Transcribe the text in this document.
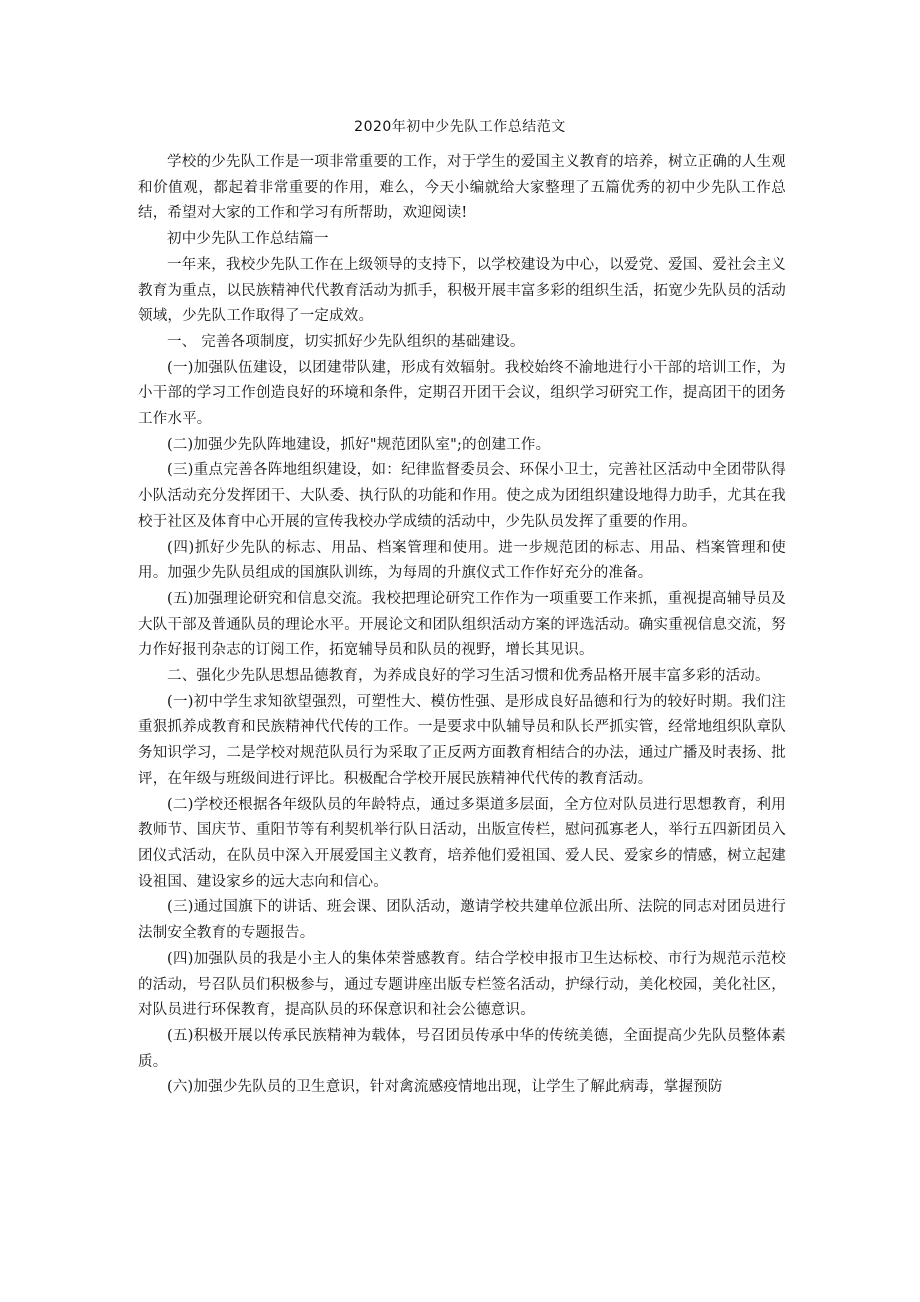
2020年初中少先队工作总结范文

学校的少先队工作是一项非常重要的工作，对于学生的爱国主义教育的培养，树立正确的人生观和价值观，都起着非常重要的作用，难么，今天小编就给大家整理了五篇优秀的初中少先队工作总结，希望对大家的工作和学习有所帮助，欢迎阅读!

初中少先队工作总结篇一

一年来，我校少先队工作在上级领导的支持下，以学校建设为中心，以爱党、爱国、爱社会主义教育为重点，以民族精神代代教育活动为抓手，积极开展丰富多彩的组织生活，拓宽少先队员的活动领域，少先队工作取得了一定成效。

一、 完善各项制度，切实抓好少先队组织的基础建设。

(一)加强队伍建设，以团建带队建，形成有效辐射。我校始终不渝地进行小干部的培训工作，为小干部的学习工作创造良好的环境和条件，定期召开团干会议，组织学习研究工作，提高团干的团务工作水平。

(二)加强少先队阵地建设，抓好"规范团队室";的创建工作。

(三)重点完善各阵地组织建设，如：纪律监督委员会、环保小卫士，完善社区活动中全团带队得小队活动充分发挥团干、大队委、执行队的功能和作用。使之成为团组织建设地得力助手，尤其在我校于社区及体育中心开展的宣传我校办学成绩的活动中，少先队员发挥了重要的作用。

(四)抓好少先队的标志、用品、档案管理和使用。进一步规范团的标志、用品、档案管理和使用。加强少先队员组成的国旗队训练，为每周的升旗仪式工作作好充分的准备。

(五)加强理论研究和信息交流。我校把理论研究工作作为一项重要工作来抓，重视提高辅导员及大队干部及普通队员的理论水平。开展论文和团队组织活动方案的评选活动。确实重视信息交流，努力作好报刊杂志的订阅工作，拓宽辅导员和队员的视野，增长其见识。

二、强化少先队思想品德教育，为养成良好的学习生活习惯和优秀品格开展丰富多彩的活动。

(一)初中学生求知欲望强烈，可塑性大、模仿性强、是形成良好品德和行为的较好时期。我们注重狠抓养成教育和民族精神代代传的工作。一是要求中队辅导员和队长严抓实管，经常地组织队章队务知识学习，二是学校对规范队员行为采取了正反两方面教育相结合的办法，通过广播及时表扬、批评，在年级与班级间进行评比。积极配合学校开展民族精神代代传的教育活动。

(二)学校还根据各年级队员的年龄特点，通过多渠道多层面，全方位对队员进行思想教育，利用教师节、国庆节、重阳节等有利契机举行队日活动，出版宣传栏，慰问孤寡老人，举行五四新团员入团仪式活动，在队员中深入开展爱国主义教育，培养他们爱祖国、爱人民、爱家乡的情感，树立起建设祖国、建设家乡的远大志向和信心。

(三)通过国旗下的讲话、班会课、团队活动，邀请学校共建单位派出所、法院的同志对团员进行法制安全教育的专题报告。

(四)加强队员的我是小主人的集体荣誉感教育。结合学校申报市卫生达标校、市行为规范示范校的活动，号召队员们积极参与，通过专题讲座出版专栏签名活动，护绿行动，美化校园，美化社区，对队员进行环保教育，提高队员的环保意识和社会公德意识。

(五)积极开展以传承民族精神为载体，号召团员传承中华的传统美德，全面提高少先队员整体素质。

(六)加强少先队员的卫生意识，针对禽流感疫情地出现，让学生了解此病毒，掌握预防
